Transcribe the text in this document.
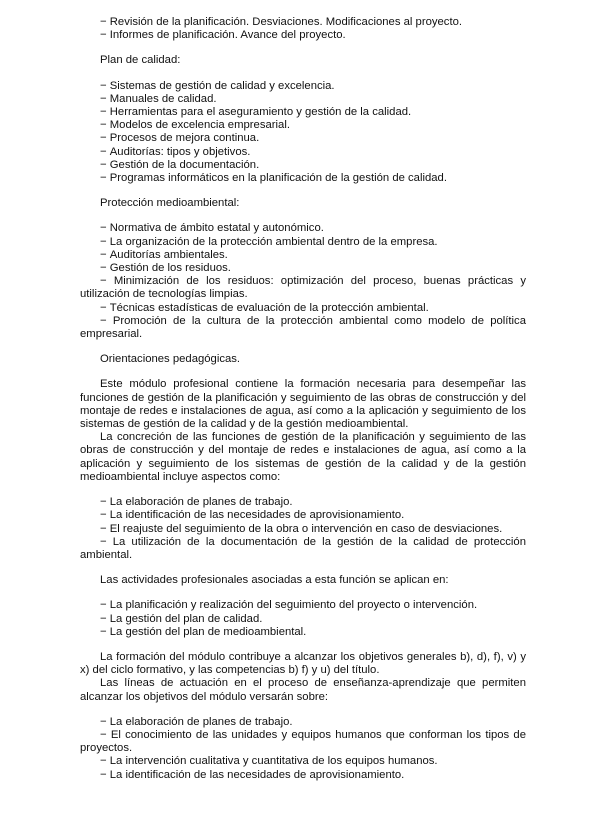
− Revisión de la planificación. Desviaciones. Modificaciones al proyecto.

− Informes de planificación. Avance del proyecto.

Plan de calidad:

− Sistemas de gestión de calidad y excelencia.

− Manuales de calidad.

− Herramientas para el aseguramiento y gestión de la calidad.

− Modelos de excelencia empresarial.

− Procesos de mejora continua.

− Auditorías: tipos y objetivos.

− Gestión de la documentación.

− Programas informáticos en la planificación de la gestión de calidad.

Protección medioambiental:

− Normativa de ámbito estatal y autonómico.

− La organización de la protección ambiental dentro de la empresa.

− Auditorías ambientales.

− Gestión de los residuos.

− Minimización de los residuos: optimización del proceso, buenas prácticas y utilización de tecnologías limpias.

− Técnicas estadísticas de evaluación de la protección ambiental.

− Promoción de la cultura de la protección ambiental como modelo de política empresarial.

Orientaciones pedagógicas.

Este módulo profesional contiene la formación necesaria para desempeñar las funciones de gestión de la planificación y seguimiento de las obras de construcción y del montaje de redes e instalaciones de agua, así como a la aplicación y seguimiento de los sistemas de gestión de la calidad y de la gestión medioambiental.

La concreción de las funciones de gestión de la planificación y seguimiento de las obras de construcción y del montaje de redes e instalaciones de agua, así como a la aplicación y seguimiento de los sistemas de gestión de la calidad y de la gestión medioambiental incluye aspectos como:

− La elaboración de planes de trabajo.

− La identificación de las necesidades de aprovisionamiento.

− El reajuste del seguimiento de la obra o intervención en caso de desviaciones.

− La utilización de la documentación de la gestión de la calidad de protección ambiental.

Las actividades profesionales asociadas a esta función se aplican en:

− La planificación y realización del seguimiento del proyecto o intervención.

− La gestión del plan de calidad.

− La gestión del plan de medioambiental.

La formación del módulo contribuye a alcanzar los objetivos generales b), d), f), v) y x) del ciclo formativo, y las competencias b) f) y u) del título.

Las líneas de actuación en el proceso de enseñanza-aprendizaje que permiten alcanzar los objetivos del módulo versarán sobre:

− La elaboración de planes de trabajo.

− El conocimiento de las unidades y equipos humanos que conforman los tipos de proyectos.

− La intervención cualitativa y cuantitativa de los equipos humanos.

− La identificación de las necesidades de aprovisionamiento.
